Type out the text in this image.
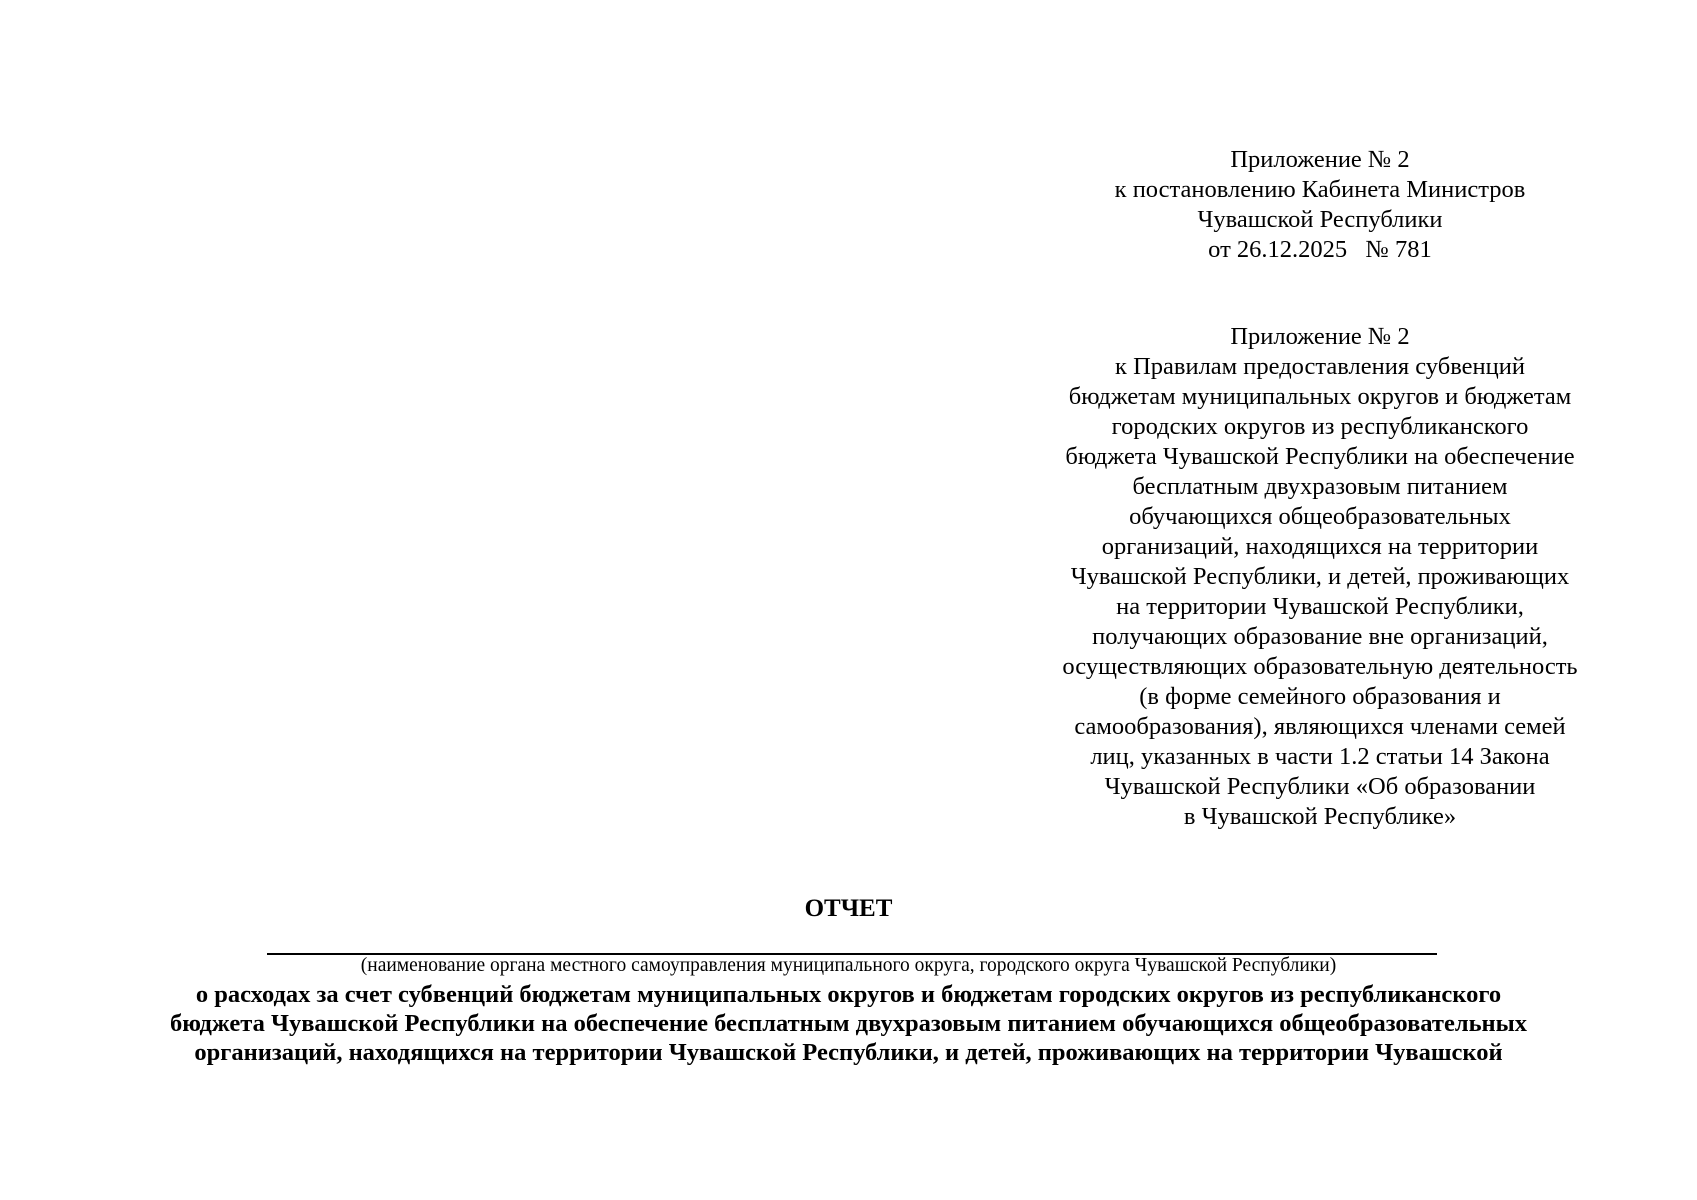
Приложение № 2
к постановлению Кабинета Министров
Чувашской Республики
от 26.12.2025   № 781
Приложение № 2
к Правилам предоставления субвенций
бюджетам муниципальных округов и бюджетам
городских округов из республиканского
бюджета Чувашской Республики на обеспечение
бесплатным двухразовым питанием
обучающихся общеобразовательных
организаций, находящихся на территории
Чувашской Республики, и детей, проживающих
на территории Чувашской Республики,
получающих образование вне организаций,
осуществляющих образовательную деятельность
(в форме семейного образования и
самообразования), являющихся членами семей
лиц, указанных в части 1.2 статьи 14 Закона
Чувашской Республики «Об образовании
в Чувашской Республике»
ОТЧЕТ
(наименование органа местного самоуправления муниципального округа, городского округа Чувашской Республики)
о расходах за счет субвенций бюджетам муниципальных округов и бюджетам городских округов из республиканского
бюджета Чувашской Республики на обеспечение бесплатным двухразовым питанием обучающихся общеобразовательных
организаций, находящихся на территории Чувашской Республики, и детей, проживающих на территории Чувашской
